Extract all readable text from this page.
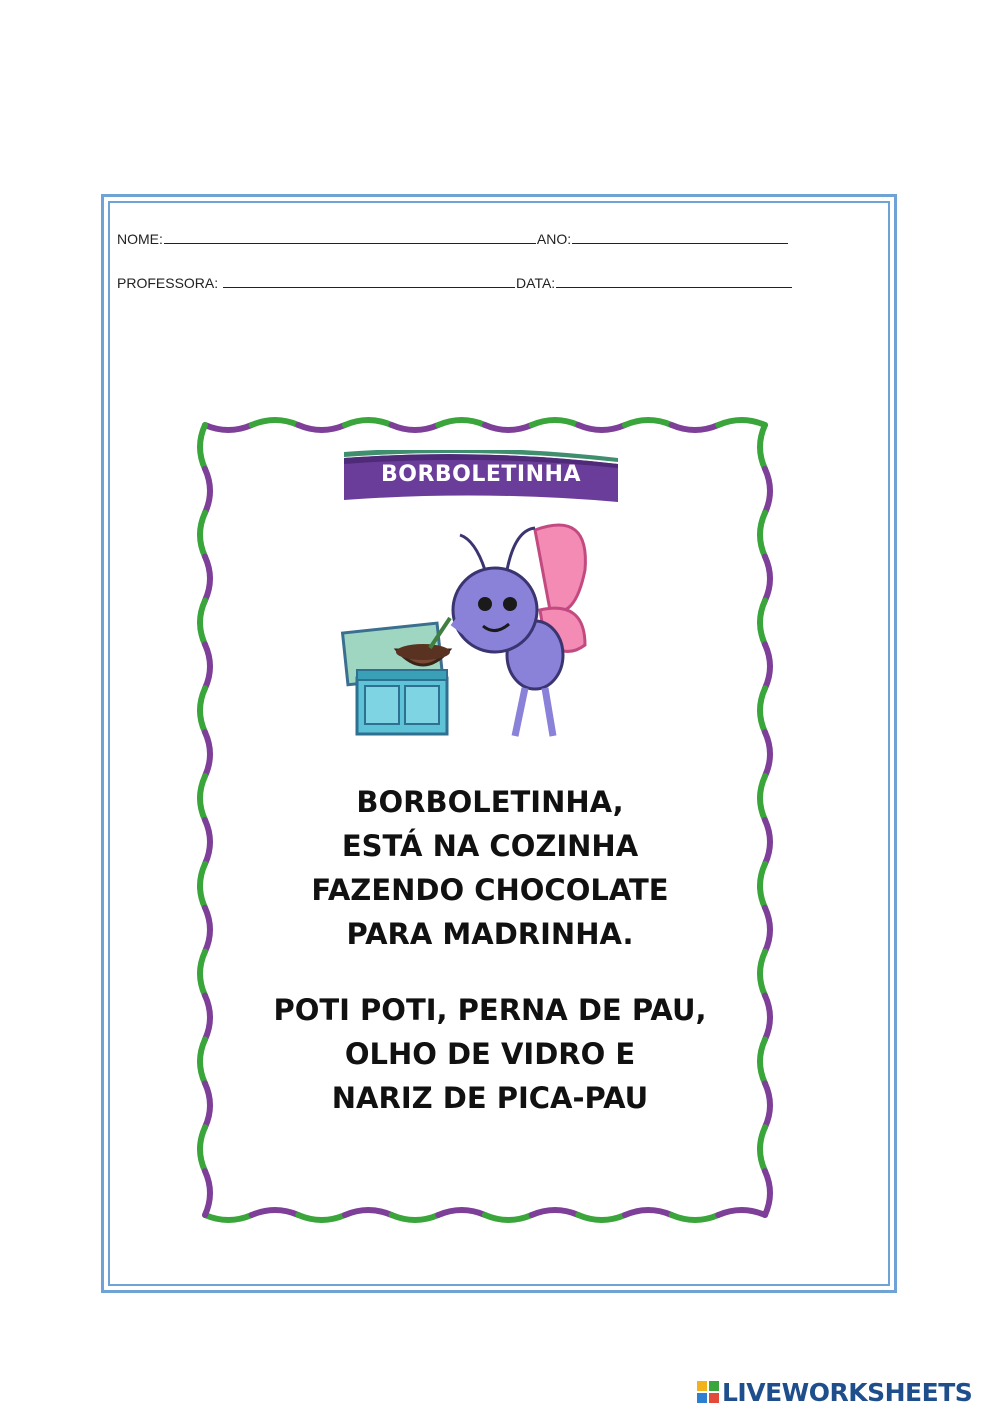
NOME:	ANO:
PROFESSORA:	DATA:
BORBOLETINHA
BORBOLETINHA,
ESTÁ NA COZINHA
FAZENDO CHOCOLATE
PARA MADRINHA.
POTI POTI, PERNA DE PAU,
OLHO DE VIDRO E
NARIZ DE PICA-PAU
LIVEWORKSHEETS
